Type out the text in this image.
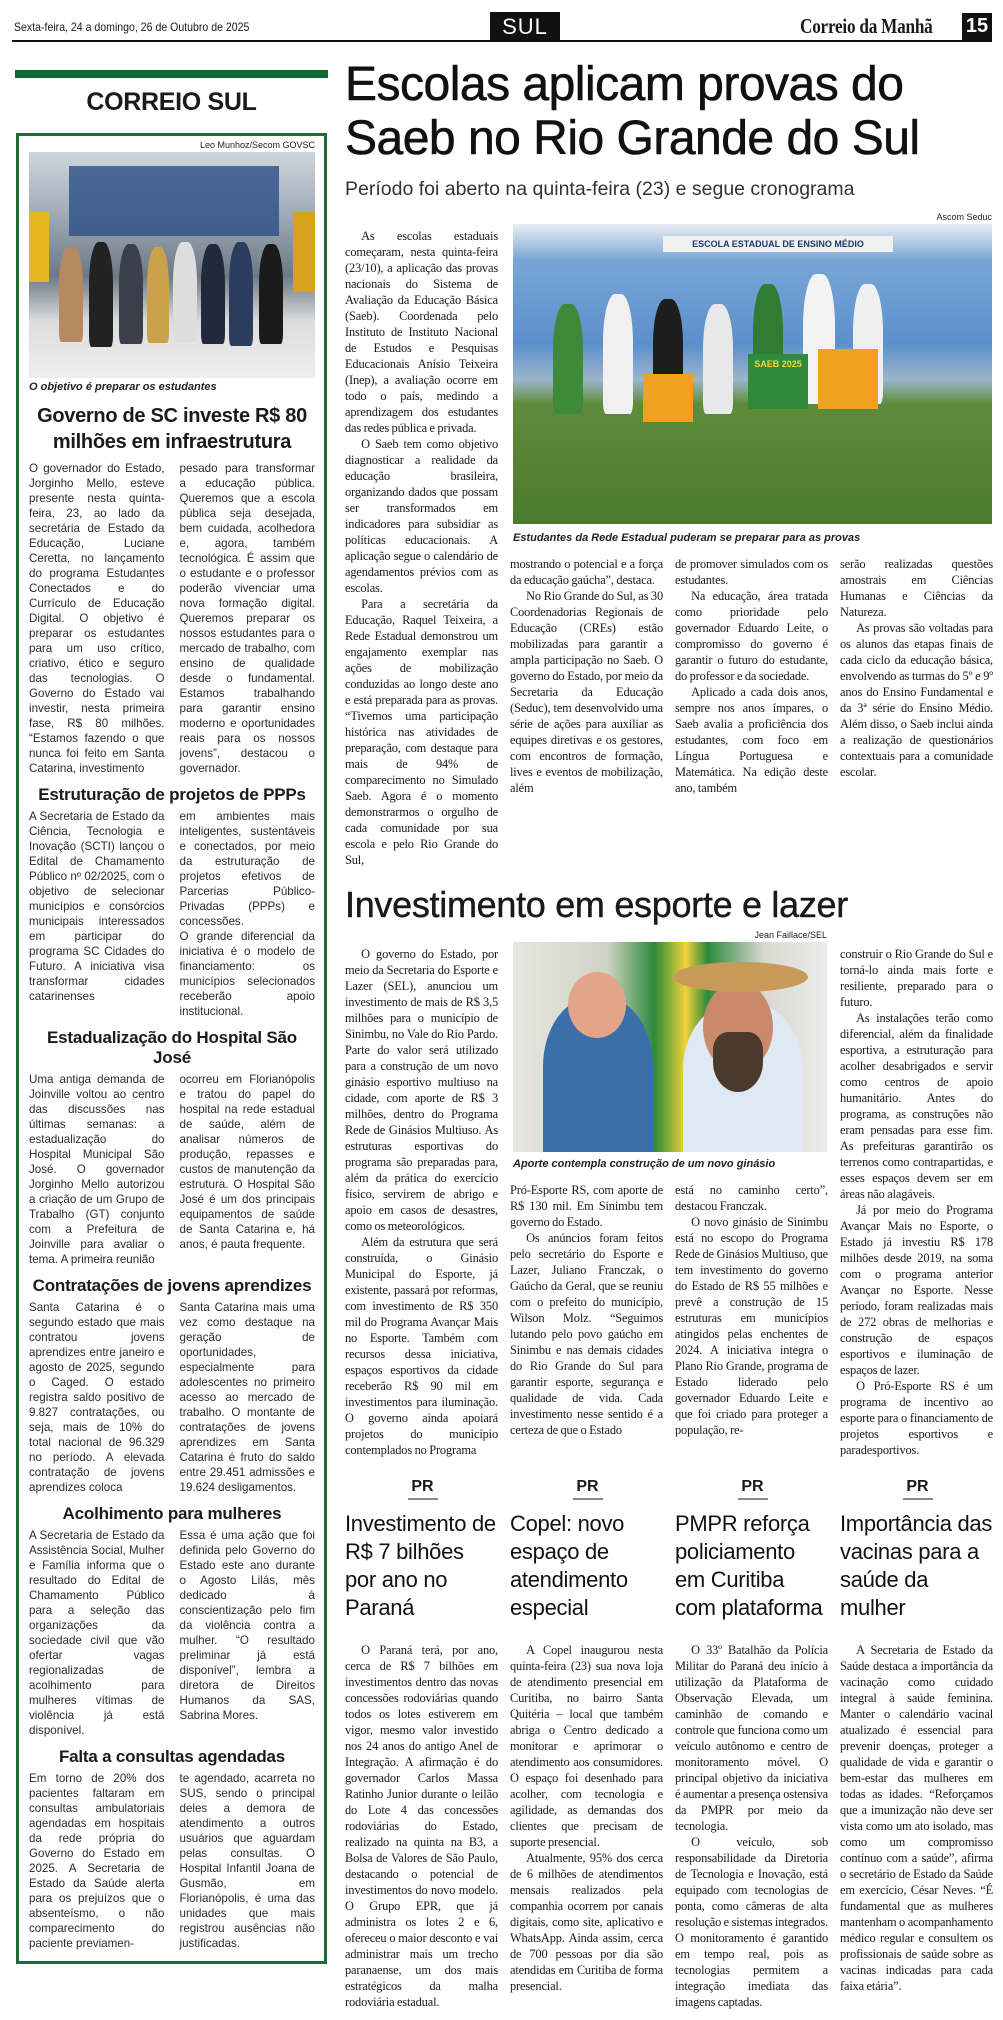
Sexta-feira, 24 a domingo, 26 de Outubro de 2025	SUL	Correio da Manhã 15
CORREIO SUL
Leo Munhoz/Secom GOVSC
O objetivo é preparar os estudantes
Governo de SC investe R$ 80 milhões em infraestrutura

O governador do Estado, Jorginho Mello, esteve presente nesta quinta-feira, 23, ao lado da secretária de Estado da Educação, Luciane Ceretta, no lançamento do programa Estudantes Conectados e do Currículo de Educação Digital. O objetivo é preparar os estudantes para um uso crítico, criativo, ético e seguro das tecnologias. O Governo do Estado vai investir, nesta primeira fase, R$ 80 milhões. “Estamos fazendo o que nunca foi feito em Santa Catarina, investimento

pesado para transformar a educação pública. Queremos que a escola pública seja desejada, bem cuidada, acolhedora e, agora, também tecnológica. É assim que o estudante e o professor poderão vivenciar uma nova formação digital. Queremos preparar os nossos estudantes para o mercado de trabalho, com ensino de qualidade desde o fundamental. Estamos trabalhando para garantir ensino moderno e oportunidades reais para os nossos jovens”, destacou o governador.

Estruturação de projetos de PPPs

A Secretaria de Estado da Ciência, Tecnologia e Inovação (SCTI) lançou o Edital de Chamamento Público nº 02/2025, com o objetivo de selecionar municípios e consórcios municipais interessados em participar do programa SC Cidades do Futuro. A iniciativa visa transformar cidades catarinenses

em ambientes mais inteligentes, sustentáveis e conectados, por meio da estruturação de projetos efetivos de Parcerias Público-Privadas (PPPs) e concessões.

O grande diferencial da iniciativa é o modelo de financiamento: os municípios selecionados receberão apoio institucional.

Estadualização do Hospital São José

Uma antiga demanda de Joinville voltou ao centro das discussões nas últimas semanas: a estadualização do Hospital Municipal São José. O governador Jorginho Mello autorizou a criação de um Grupo de Trabalho (GT) conjunto com a Prefeitura de Joinville para avaliar o tema. A primeira reunião

ocorreu em Florianópolis e tratou do papel do hospital na rede estadual de saúde, além de analisar números de produção, repasses e custos de manutenção da estrutura. O Hospital São José é um dos principais equipamentos de saúde de Santa Catarina e, há anos, é pauta frequente.

Contratações de jovens aprendizes

Santa Catarina é o segundo estado que mais contratou jovens aprendizes entre janeiro e agosto de 2025, segundo o Caged. O estado registra saldo positivo de 9.827 contratações, ou seja, mais de 10% do total nacional de 96.329 no período. A elevada contratação de jovens aprendizes coloca

Santa Catarina mais uma vez como destaque na geração de oportunidades, especialmente para adolescentes no primeiro acesso ao mercado de trabalho. O montante de contratações de jovens aprendizes em Santa Catarina é fruto do saldo entre 29.451 admissões e 19.624 desligamentos.

Acolhimento para mulheres

A Secretaria de Estado da Assistência Social, Mulher e Família informa que o resultado do Edital de Chamamento Público para a seleção das organizações da sociedade civil que vão ofertar vagas regionalizadas de acolhimento para mulheres vítimas de violência já está disponível.

Essa é uma ação que foi definida pelo Governo do Estado este ano durante o Agosto Lilás, mês dedicado à conscientização pelo fim da violência contra a mulher. “O resultado preliminar já está disponível”, lembra a diretora de Direitos Humanos da SAS, Sabrina Mores.

Falta a consultas agendadas

Em torno de 20% dos pacientes faltaram em consultas ambulatoriais agendadas em hospitais da rede própria do Governo do Estado em 2025. A Secretaria de Estado da Saúde alerta para os prejuízos que o absenteísmo, o não comparecimento do paciente previamen-

te agendado, acarreta no SUS, sendo o principal deles a demora de atendimento a outros usuários que aguardam pelas consultas. O Hospital Infantil Joana de Gusmão, em Florianópolis, é uma das unidades que mais registrou ausências não justificadas.

Escolas aplicam provas do Saeb no Rio Grande do Sul
Período foi aberto na quinta-feira (23) e segue cronograma
Ascom Seduc
ESCOLA ESTADUAL DE ENSINO MÉDIO
SAEB 2025
Estudantes da Rede Estadual puderam se preparar para as provas

As escolas estaduais começaram, nesta quinta-feira (23/10), a aplicação das provas nacionais do Sistema de Avaliação da Educação Básica (Saeb). Coordenada pelo Instituto de Instituto Nacional de Estudos e Pesquisas Educacionais Anísio Teixeira (Inep), a avaliação ocorre em todo o país, medindo a aprendizagem dos estudantes das redes pública e privada.

O Saeb tem como objetivo diagnosticar a realidade da educação brasileira, organizando dados que possam ser transformados em indicadores para subsidiar as políticas educacionais. A aplicação segue o calendário de agendamentos prévios com as escolas.

Para a secretária da Educação, Raquel Teixeira, a Rede Estadual demonstrou um engajamento exemplar nas ações de mobilização conduzidas ao longo deste ano e está preparada para as provas. “Tivemos uma participação histórica nas atividades de preparação, com destaque para mais de 94% de comparecimento no Simulado Saeb. Agora é o momento demonstrarmos o orgulho de cada comunidade por sua escola e pelo Rio Grande do Sul,

mostrando o potencial e a força da educação gaúcha”, destaca.

No Rio Grande do Sul, as 30 Coordenadorias Regionais de Educação (CREs) estão mobilizadas para garantir a ampla participação no Saeb. O governo do Estado, por meio da Secretaria da Educação (Seduc), tem desenvolvido uma série de ações para auxiliar as equipes diretivas e os gestores, com encontros de formação, lives e eventos de mobilização, além

de promover simulados com os estudantes.

Na educação, área tratada como prioridade pelo governador Eduardo Leite, o compromisso do governo é garantir o futuro do estudante, do professor e da sociedade.

Aplicado a cada dois anos, sempre nos anos ímpares, o Saeb avalia a proficiência dos estudantes, com foco em Língua Portuguesa e Matemática. Na edição deste ano, também

serão realizadas questões amostrais em Ciências Humanas e Ciências da Natureza.

As provas são voltadas para os alunos das etapas finais de cada ciclo da educação básica, envolvendo as turmas do 5º e 9º anos do Ensino Fundamental e da 3ª série do Ensino Médio. Além disso, o Saeb inclui ainda a realização de questionários contextuais para a comunidade escolar.

Investimento em esporte e lazer
Jean Faillace/SEL
Aporte contempla construção de um novo ginásio

O governo do Estado, por meio da Secretaria do Esporte e Lazer (SEL), anunciou um investimento de mais de R$ 3,5 milhões para o município de Sinimbu, no Vale do Rio Pardo. Parte do valor será utilizado para a construção de um novo ginásio esportivo multiuso na cidade, com aporte de R$ 3 milhões, dentro do Programa Rede de Ginásios Multiuso. As estruturas esportivas do programa são preparadas para, além da prática do exercício físico, servirem de abrigo e apoio em casos de desastres, como os meteorológicos.

Além da estrutura que será construída, o Ginásio Municipal do Esporte, já existente, passará por reformas, com investimento de R$ 350 mil do Programa Avançar Mais no Esporte. Também com recursos dessa iniciativa, espaços esportivos da cidade receberão R$ 90 mil em investimentos para iluminação. O governo ainda apoiará projetos do município contemplados no Programa

Pró-Esporte RS, com aporte de R$ 130 mil. Em Sinimbu tem governo do Estado.

Os anúncios foram feitos pelo secretário do Esporte e Lazer, Juliano Franczak, o Gaúcho da Geral, que se reuniu com o prefeito do município, Wilson Molz. “Seguimos lutando pelo povo gaúcho em Sinimbu e nas demais cidades do Rio Grande do Sul para garantir esporte, segurança e qualidade de vida. Cada investimento nesse sentido é a certeza de que o Estado

está no caminho certo”, destacou Franczak.

O novo ginásio de Sinimbu está no escopo do Programa Rede de Ginásios Multiuso, que tem investimento do governo do Estado de R$ 55 milhões e prevê a construção de 15 estruturas em municípios atingidos pelas enchentes de 2024. A iniciativa integra o Plano Rio Grande, programa de Estado liderado pelo governador Eduardo Leite e que foi criado para proteger a população, re-

construir o Rio Grande do Sul e torná-lo ainda mais forte e resiliente, preparado para o futuro.

As instalações terão como diferencial, além da finalidade esportiva, a estruturação para acolher desabrigados e servir como centros de apoio humanitário. Antes do programa, as construções não eram pensadas para esse fim. As prefeituras garantirão os terrenos como contrapartidas, e esses espaços devem ser em áreas não alagáveis.

Já por meio do Programa Avançar Mais no Esporte, o Estado já investiu R$ 178 milhões desde 2019, na soma com o programa anterior Avançar no Esporte. Nesse período, foram realizadas mais de 272 obras de melhorias e construção de espaços esportivos e iluminação de espaços de lazer.

O Pró-Esporte RS é um programa de incentivo ao esporte para o financiamento de projetos esportivos e paradesportivos.

PR
Investimento de R$ 7 bilhões por ano no Paraná

O Paraná terá, por ano, cerca de R$ 7 bilhões em investimentos dentro das novas concessões rodoviárias quando todos os lotes estiverem em vigor, mesmo valor investido nos 24 anos do antigo Anel de Integração. A afirmação é do governador Carlos Massa Ratinho Junior durante o leilão do Lote 4 das concessões rodoviárias do Estado, realizado na quinta na B3, a Bolsa de Valores de São Paulo, destacando o potencial de investimentos do novo modelo. O Grupo EPR, que já administra os lotes 2 e 6, ofereceu o maior desconto e vai administrar mais um trecho paranaense, um dos mais estratégicos da malha rodoviária estadual.

PR
Copel: novo espaço de atendimento especial

A Copel inaugurou nesta quinta-feira (23) sua nova loja de atendimento presencial em Curitiba, no bairro Santa Quitéria – local que também abriga o Centro dedicado a monitorar e aprimorar o atendimento aos consumidores. O espaço foi desenhado para acolher, com tecnologia e agilidade, as demandas dos clientes que precisam de suporte presencial.

Atualmente, 95% dos cerca de 6 milhões de atendimentos mensais realizados pela companhia ocorrem por canais digitais, como site, aplicativo e WhatsApp. Ainda assim, cerca de 700 pessoas por dia são atendidas em Curitiba de forma presencial.

PR
PMPR reforça policiamento em Curitiba com plataforma

O 33º Batalhão da Polícia Militar do Paraná deu início à utilização da Plataforma de Observação Elevada, um caminhão de comando e controle que funciona como um veículo autônomo e centro de monitoramento móvel. O principal objetivo da iniciativa é aumentar a presença ostensiva da PMPR por meio da tecnologia.

O veículo, sob responsabilidade da Diretoria de Tecnologia e Inovação, está equipado com tecnologias de ponta, como câmeras de alta resolução e sistemas integrados. O monitoramento é garantido em tempo real, pois as tecnologias permitem a integração imediata das imagens captadas.

PR
Importância das vacinas para a saúde da mulher

A Secretaria de Estado da Saúde destaca a importância da vacinação como cuidado integral à saúde feminina. Manter o calendário vacinal atualizado é essencial para prevenir doenças, proteger a qualidade de vida e garantir o bem-estar das mulheres em todas as idades. “Reforçamos que a imunização não deve ser vista como um ato isolado, mas como um compromisso contínuo com a saúde”, afirma o secretário de Estado da Saúde em exercício, César Neves. “É fundamental que as mulheres mantenham o acompanhamento médico regular e consultem os profissionais de saúde sobre as vacinas indicadas para cada faixa etária”.
